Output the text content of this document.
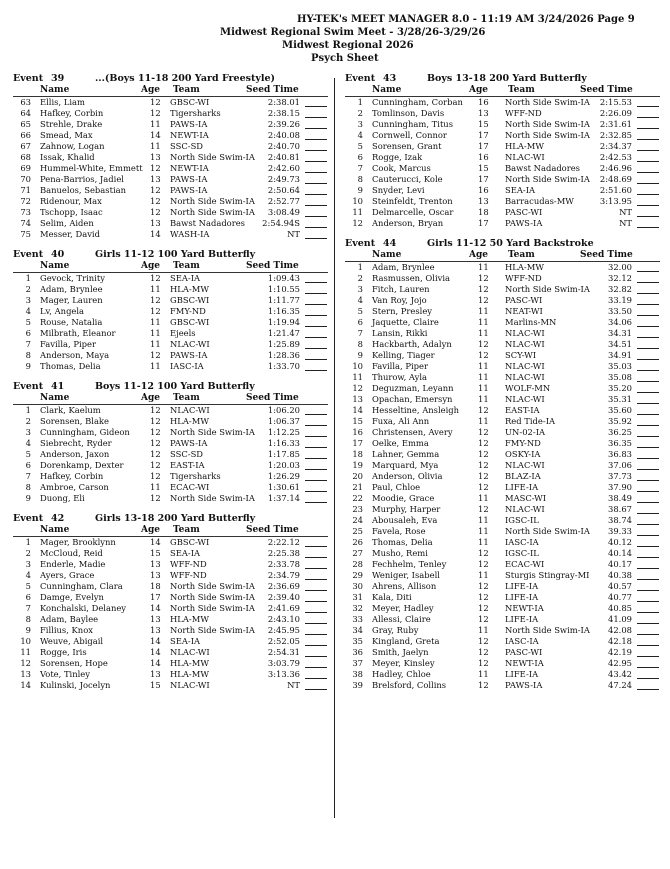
HY-TEK's MEET MANAGER 8.0 - 11:19 AM 3/24/2026 Page 9
Midwest Regional Swim Meet - 3/28/26-3/29/26
Midwest Regional 2026
Psych Sheet
Event 39	...(Boys 11-18 200 Yard Freestyle)
Name	Age Team	Seed Time
63 Ellis, Liam	12 GBSC-WI	2:38.01
64 Hafkey, Corbin	12 Tigersharks	2:38.15
65 Strehle, Drake	11 PAWS-IA	2:39.26
66 Smead, Max	14 NEWT-IA	2:40.08
67 Zahnow, Logan	11 SSC-SD	2:40.70
68 Issak, Khalid	13 North Side Swim-IA	2:40.81
69 Hummel-White, Emmett 12 NEWT-IA	2:42.60
70 Pena-Barrios, Jadiel	13 PAWS-IA	2:49.73
71 Banuelos, Sebastian	12 PAWS-IA	2:50.64
72 Ridenour, Max	12 North Side Swim-IA	2:52.77
73 Tschopp, Isaac	12 North Side Swim-IA	3:08.49
74 Selim, Aiden	13 Bawst Nadadores	2:54.94S
75 Messer, David	14 WASH-IA	NT
Event 40	Girls 11-12 100 Yard Butterfly
Name	Age Team	Seed Time
1 Gevock, Trinity	12 SEA-IA	1:09.43
2 Adam, Brynlee	11 HLA-MW	1:10.55
3 Mager, Lauren	12 GBSC-WI	1:11.77
4 Lv, Angela	12 FMY-ND	1:16.35
5 Rouse, Natalia	11 GBSC-WI	1:19.94
6 Milbrath, Eleanor	11 Ejeels	1:21.47
7 Favilla, Piper	11 NLAC-WI	1:25.89
8 Anderson, Maya	12 PAWS-IA	1:28.36
9 Thomas, Delia	11 IASC-IA	1:33.70
Event 41	Boys 11-12 100 Yard Butterfly
Name	Age Team	Seed Time
1 Clark, Kaelum	12 NLAC-WI	1:06.20
2 Sorensen, Blake	12 HLA-MW	1:06.37
3 Cunningham, Gideon 12 North Side Swim-IA	1:12.25
4 Siebrecht, Ryder	12 PAWS-IA	1:16.33
5 Anderson, Jaxon	12 SSC-SD	1:17.85
6 Dorenkamp, Dexter	12 EAST-IA	1:20.03
7 Hafkey, Corbin	12 Tigersharks	1:26.29
8 Ambroe, Carson	11 ECAC-WI	1:30.61
9 Duong, Eli	12 North Side Swim-IA	1:37.14
Event 42	Girls 13-18 200 Yard Butterfly
Name	Age Team	Seed Time
1 Mager, Brooklynn	14 GBSC-WI	2:22.12
2 McCloud, Reid	15 SEA-IA	2:25.38
3 Enderle, Madie	13 WFF-ND	2:33.78
4 Ayers, Grace	13 WFF-ND	2:34.79
5 Cunningham, Clara	18 North Side Swim-IA	2:36.69
6 Damge, Evelyn	17 North Side Swim-IA	2:39.40
7 Konchalski, Delaney	14 North Side Swim-IA	2:41.69
8 Adam, Baylee	13 HLA-MW	2:43.10
9 Fillius, Knox	13 North Side Swim-IA	2:45.95
10 Weuve, Abigail	14 SEA-IA	2:52.05
11 Rogge, Iris	14 NLAC-WI	2:54.31
12 Sorensen, Hope	14 HLA-MW	3:03.79
13 Vote, Tinley	13 HLA-MW	3:13.36
14 Kulinski, Jocelyn	15 NLAC-WI	NT
Event 43	Boys 13-18 200 Yard Butterfly
Name	Age Team	Seed Time
1 Cunningham, Corban 16 North Side Swim-IA	2:15.53
2 Tomlinson, Davis	13 WFF-ND	2:26.09
3 Cunningham, Titus	15 North Side Swim-IA	2:31.61
4 Cornwell, Connor	17 North Side Swim-IA	2:32.85
5 Sorensen, Grant	17 HLA-MW	2:34.37
6 Rogge, Izak	16 NLAC-WI	2:42.53
7 Cook, Marcus	15 Bawst Nadadores	2:46.96
8 Cauterucci, Kole	17 North Side Swim-IA	2:48.69
9 Snyder, Levi	16 SEA-IA	2:51.60
10 Steinfeldt, Trenton	13 Barracudas-MW	3:13.95
11 Delmarcelle, Oscar	18 PASC-WI	NT
12 Anderson, Bryan	17 PAWS-IA	NT
Event 44	Girls 11-12 50 Yard Backstroke
Name	Age Team	Seed Time
1 Adam, Brynlee	11 HLA-MW	32.00
2 Rasmussen, Olivia	12 WFF-ND	32.12
3 Fitch, Lauren	12 North Side Swim-IA	32.82
4 Van Roy, Jojo	12 PASC-WI	33.19
5 Stern, Presley	11 NEAT-WI	33.50
6 Jaquette, Claire	11 Marlins-MN	34.06
7 Lansin, Rikki	11 NLAC-WI	34.31
8 Hackbarth, Adalyn	12 NLAC-WI	34.51
9 Kelling, Tiager	12 SCY-WI	34.91
10 Favilla, Piper	11 NLAC-WI	35.03
11 Thurow, Ayla	11 NLAC-WI	35.08
12 Deguzman, Leyann	11 WOLF-MN	35.20
13 Opachan, Emersyn	11 NLAC-WI	35.31
14 Hesseltine, Ansleigh 12 EAST-IA	35.60
15 Fuxa, Ali Ann	11 Red Tide-IA	35.92
16 Christensen, Avery	12 UN-02-IA	36.25
17 Oelke, Emma	12 FMY-ND	36.35
18 Lahner, Gemma	12 OSKY-IA	36.83
19 Marquard, Mya	12 NLAC-WI	37.06
20 Anderson, Olivia	12 BLAZ-IA	37.73
21 Paul, Chloe	12 LIFE-IA	37.90
22 Moodie, Grace	11 MASC-WI	38.49
23 Murphy, Harper	12 NLAC-WI	38.67
24 Abousaleh, Eva	11 IGSC-IL	38.74
25 Favela, Rose	11 North Side Swim-IA	39.33
26 Thomas, Delia	11 IASC-IA	40.12
27 Musho, Remi	12 IGSC-IL	40.14
28 Fechhelm, Tenley	12 ECAC-WI	40.17
29 Weniger, Isabell	11 Sturgis Stingray-MI	40.38
30 Ahrens, Allison	12 LIFE-IA	40.57
31 Kala, Diti	12 LIFE-IA	40.77
32 Meyer, Hadley	12 NEWT-IA	40.85
33 Allessi, Claire	12 LIFE-IA	41.09
34 Gray, Ruby	11 North Side Swim-IA	42.08
35 Kingland, Greta	12 IASC-IA	42.18
36 Smith, Jaelyn	12 PASC-WI	42.19
37 Meyer, Kinsley	12 NEWT-IA	42.95
38 Hadley, Chloe	11 LIFE-IA	43.42
39 Brelsford, Collins	12 PAWS-IA	47.24
